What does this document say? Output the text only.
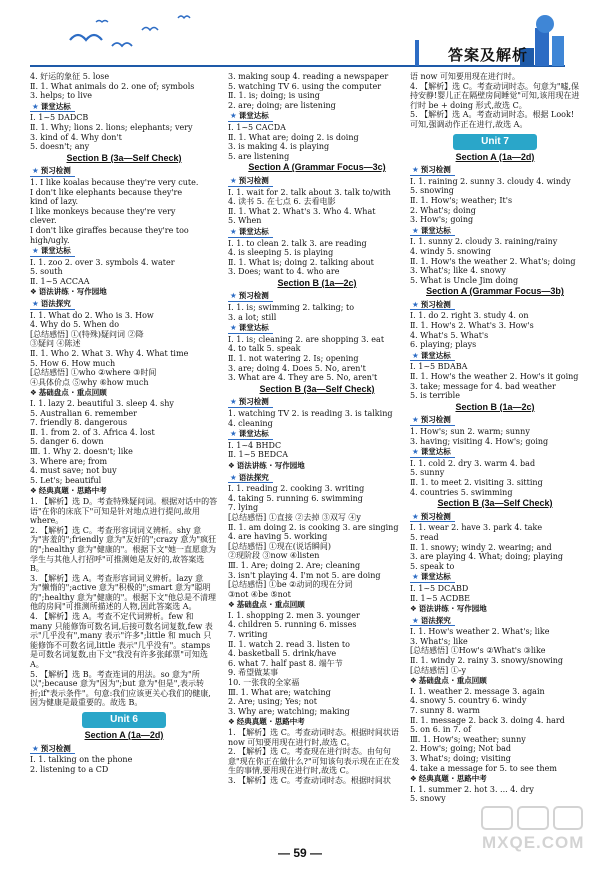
答案及解析
4. 好运的象征 5. lose
Ⅱ. 1. What animals do 2. one of; symbols
3. helps; to live
★ 课堂达标
Ⅰ. 1~5 DADCB
Ⅱ. 1. Why; lions 2. lions; elephants; very
3. kind of 4. Why don't
5. doesn't; any
Section B (3a—Self Check)
★ 预习检测
1. I like koalas because they're very cute.
I don't like elephants because they're
kind of lazy.
I like monkeys because they're very
clever.
I don't like giraffes because they're too
high/ugly.
★ 课堂达标
Ⅰ. 1. zoo 2. over 3. symbols 4. water
5. south
Ⅱ. 1~5 ACCAA
❖ 语法讲练 · 写作园地
★ 语法探究
Ⅰ. 1. What do 2. Who is 3. How
4. Why do 5. When do
[总结感悟] ①(特殊)疑问词 ②降
③疑问 ④陈述
Ⅱ. 1. Who 2. What 3. Why 4. What time
5. How 6. How much
[总结感悟] ①who ②where ③时间
④具体价点 ⑤why ⑥how much
❖ 基础盘点 · 重点回顾
Ⅰ. 1. lazy 2. beautiful 3. sleep 4. shy
5. Australian 6. remember
7. friendly 8. dangerous
Ⅱ. 1. from 2. of 3. Africa 4. lost
5. danger 6. down
Ⅲ. 1. Why 2. doesn't; like
3. Where are; from
4. must save; not buy
5. Let's; beautiful
❖ 经典真题 · 思路中考
1. 【解析】选 D。考查特殊疑问词。根据对话中的答语"在你的床底下"可知是针对地点进行提问,故用 where。
2. 【解析】选 C。考查形容词词义辨析。shy 意为"害羞的";friendly 意为"友好的";crazy 意为"疯狂的";healthy 意为"健康的"。根据下文"她一直愿意为学生与其他人打招呼"可推测她是友好的,故答案选 B。
3. 【解析】选 A。考查形容词词义辨析。lazy 意为"懒惰的";active 意为"积极的";smart 意为"聪明的";healthy 意为"健康的"。根据下文"他总是不清理他的房间"可推测所描述的人物,因此答案选 A。
4. 【解析】选 A。考查不定代词辨析。few 和 many 只能修饰可数名词,后接可数名词复数,few 表示"几乎没有",many 表示"许多";little 和 much 只能修饰不可数名词,little 表示"几乎没有"。stamps 是可数名词复数,由下文"我没有许多张邮票"可知选 A。
5. 【解析】选 B。考查连词的用法。so 意为"所以";because 意为"因为";but 意为"但是",表示转折;if"表示条件"。句意:我们应该更关心我们的健康,因为健康是最重要的。故选 B。
Unit 6
Section A (1a—2d)
★ 预习检测
Ⅰ. 1. talking on the phone
2. listening to a CD
3. making soup 4. reading a newspaper
5. watching TV 6. using the computer
Ⅱ. 1. is; doing; is using
2. are; doing; are listening
★ 课堂达标
Ⅰ. 1~5 CACDA
Ⅱ. 1. What are; doing 2. is doing
3. is making 4. is playing
5. are listening
Section A (Grammar Focus—3c)
★ 预习检测
Ⅰ. 1. wait for 2. talk about 3. talk to/with
4. 读书 5. 在七点 6. 去看电影
Ⅱ. 1. What 2. What's 3. Who 4. What
5. When
★ 课堂达标
Ⅰ. 1. to clean 2. talk 3. are reading
4. is sleeping 5. is playing
Ⅱ. 1. What is; doing 2. talking about
3. Does; want to 4. who are
Section B (1a—2c)
★ 预习检测
Ⅰ. 1. is; swimming 2. talking; to
3. a lot; still
★ 课堂达标
Ⅰ. 1. is; cleaning 2. are shopping 3. eat
4. to talk 5. speak
Ⅱ. 1. not watering 2. Is; opening
3. are; doing 4. Does 5. No, aren't
3. What are 4. They are 5. No, aren't
Section B (3a—Self Check)
★ 预习检测
1. watching TV 2. is reading 3. is talking
4. cleaning
★ 课堂达标
Ⅰ. 1~4 BHDC
Ⅱ. 1~5 BEDCA
❖ 语法讲练 · 写作园地
★ 语法探究
Ⅰ. 1. reading 2. cooking 3. writing
4. taking 5. running 6. swimming
7. lying
[总结感悟] ①直接 ②去掉 ③双写 ④y
Ⅱ. 1. am doing 2. is cooking 3. are singing
4. are having 5. working
[总结感悟] ①现在(说话瞬间)
②现阶段 ③now ④listen
Ⅲ. 1. Are; doing 2. Are; cleaning
3. isn't playing 4. I'm not 5. are doing
[总结感悟] ①be ②动词的现在分词
③not ④be ⑤not
❖ 基础盘点 · 重点回顾
Ⅰ. 1. shopping 2. men 3. younger
4. children 5. running 6. misses
7. writing
Ⅱ. 1. watch 2. read 3. listen to
4. basketball 5. drink/have
6. what 7. half past 8. 端午节
9. 希望做某事
10. 一张我的全家福
Ⅲ. 1. What are; watching
2. Are; using; Yes; not
3. Why are; watching; making
❖ 经典真题 · 思路中考
1. 【解析】选 C。考查动词时态。根据时间状语 now 可知要用现在进行时,故选 C。
2. 【解析】选 C。考查现在进行时态。由句句意"现在你正在做什么?"可知该句表示现在正在发生的事情,要用现在进行时,故选 C。
3. 【解析】选 C。考查动词时态。根据时间状
语 now 可知要用现在进行时。
4. 【解析】选 C。考查动词时态。句意为"嘘,保持安静!婴儿正在隔壁房间睡觉"可知,该用现在进行时 be + doing 形式,故选 C。
5. 【解析】选 A。考查动词时态。根据 Look! 可知,强调动作正在进行,故选 A。
Unit 7
Section A (1a—2d)
★ 预习检测
Ⅰ. 1. raining 2. sunny 3. cloudy 4. windy
5. snowing
Ⅱ. 1. How's; weather; It's
2. What's; doing
3. How's; going
★ 课堂达标
Ⅰ. 1. sunny 2. cloudy 3. raining/rainy
4. windy 5. snowing
Ⅱ. 1. How's the weather 2. What's; doing
3. What's; like 4. snowy
5. What is Uncle Jim doing
Section A (Grammar Focus—3b)
★ 预习检测
Ⅰ. 1. do 2. right 3. study 4. on
Ⅱ. 1. How's 2. What's 3. How's
4. What's 5. What's
6. playing; plays
★ 课堂达标
Ⅰ. 1~5 BDABA
Ⅱ. 1. How's the weather 2. How's it going
3. take; message for 4. bad weather
5. is terrible
Section B (1a—2c)
★ 预习检测
1. How's; sun 2. warm; sunny
3. having; visiting 4. How's; going
★ 课堂达标
Ⅰ. 1. cold 2. dry 3. warm 4. bad
5. sunny
Ⅱ. 1. to meet 2. visiting 3. sitting
4. countries 5. swimming
Section B (3a—Self Check)
★ 预习检测
Ⅰ. 1. wear 2. have 3. park 4. take
5. read
Ⅱ. 1. snowy; windy 2. wearing; and
3. are playing 4. What; doing; playing
5. speak to
★ 课堂达标
Ⅰ. 1~5 DCABD
Ⅱ. 1~5 ACDBE
❖ 语法讲练 · 写作园地
★ 语法探究
Ⅰ. 1. How's weather 2. What's; like
3. What's; like
[总结感悟] ①How's ②What's ③like
Ⅱ. 1. windy 2. rainy 3. snowy/snowing
[总结感悟] ①-y
❖ 基础盘点 · 重点回顾
Ⅰ. 1. weather 2. message 3. again
4. snowy 5. country 6. windy
7. sunny 8. warm
Ⅱ. 1. message 2. back 3. doing 4. hard
5. on 6. in 7. of
Ⅲ. 1. How's; weather; sunny
2. How's; going; Not bad
3. What's; doing; visiting
4. take a message for 5. to see them
❖ 经典真题 · 思路中考
Ⅰ. 1. summer 2. hot 3. ... 4. dry
5. snowy
— 59 —
MXQE.COM
